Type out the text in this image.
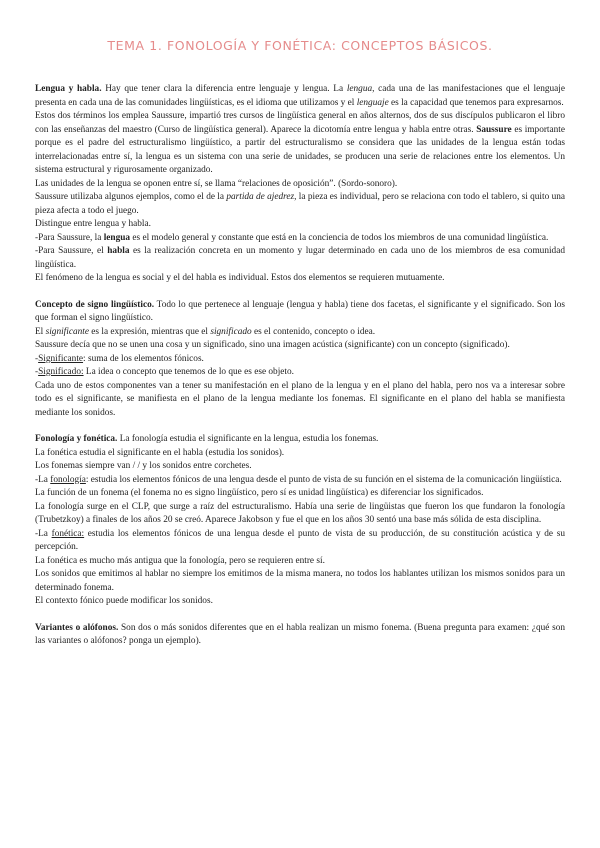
TEMA 1. FONOLOGÍA Y FONÉTICA: CONCEPTOS BÁSICOS.

Lengua y habla. Hay que tener clara la diferencia entre lenguaje y lengua. La lengua, cada una de las manifestaciones que el lenguaje presenta en cada una de las comunidades lingüísticas, es el idioma que utilizamos y el lenguaje es la capacidad que tenemos para expresarnos.

Estos dos términos los emplea Saussure, impartió tres cursos de lingüística general en años alternos, dos de sus discípulos publicaron el libro con las enseñanzas del maestro (Curso de lingüística general). Aparece la dicotomía entre lengua y habla entre otras. Saussure es importante porque es el padre del estructuralismo lingüístico, a partir del estructuralismo se considera que las unidades de la lengua están todas interrelacionadas entre sí, la lengua es un sistema con una serie de unidades, se producen una serie de relaciones entre los elementos. Un sistema estructural y rigurosamente organizado.

Las unidades de la lengua se oponen entre sí, se llama “relaciones de oposición”. (Sordo-sonoro).

Saussure utilizaba algunos ejemplos, como el de la partida de ajedrez, la pieza es individual, pero se relaciona con todo el tablero, si quito una pieza afecta a todo el juego.

Distingue entre lengua y habla.

-Para Saussure, la lengua es el modelo general y constante que está en la conciencia de todos los miembros de una comunidad lingüística.

-Para Saussure, el habla es la realización concreta en un momento y lugar determinado en cada uno de los miembros de esa comunidad lingüística.

El fenómeno de la lengua es social y el del habla es individual. Estos dos elementos se requieren mutuamente.

Concepto de signo lingüístico. Todo lo que pertenece al lenguaje (lengua y habla) tiene dos facetas, el significante y el significado. Son los que forman el signo lingüístico.

El significante es la expresión, mientras que el significado es el contenido, concepto o idea.

Saussure decía que no se unen una cosa y un significado, sino una imagen acústica (significante) con un concepto (significado).

-Significante: suma de los elementos fónicos.

-Significado: La idea o concepto que tenemos de lo que es ese objeto.

Cada uno de estos componentes van a tener su manifestación en el plano de la lengua y en el plano del habla, pero nos va a interesar sobre todo es el significante, se manifiesta en el plano de la lengua mediante los fonemas. El significante en el plano del habla se manifiesta mediante los sonidos.

Fonología y fonética. La fonología estudia el significante en la lengua, estudia los fonemas.

La fonética estudia el significante en el habla (estudia los sonidos).

Los fonemas siempre van / / y los sonidos entre corchetes.

-La fonología: estudia los elementos fónicos de una lengua desde el punto de vista de su función en el sistema de la comunicación lingüística.

La función de un fonema (el fonema no es signo lingüístico, pero sí es unidad lingüística) es diferenciar los significados.

La fonología surge en el CLP, que surge a raíz del estructuralismo. Había una serie de lingüistas que fueron los que fundaron la fonología (Trubetzkoy) a finales de los años 20 se creó. Aparece Jakobson y fue el que en los años 30 sentó una base más sólida de esta disciplina.

-La fonética: estudia los elementos fónicos de una lengua desde el punto de vista de su producción, de su constitución acústica y de su percepción.

La fonética es mucho más antigua que la fonología, pero se requieren entre sí.

Los sonidos que emitimos al hablar no siempre los emitimos de la misma manera, no todos los hablantes utilizan los mismos sonidos para un determinado fonema.

El contexto fónico puede modificar los sonidos.

Variantes o alófonos. Son dos o más sonidos diferentes que en el habla realizan un mismo fonema. (Buena pregunta para examen: ¿qué son las variantes o alófonos? ponga un ejemplo).
